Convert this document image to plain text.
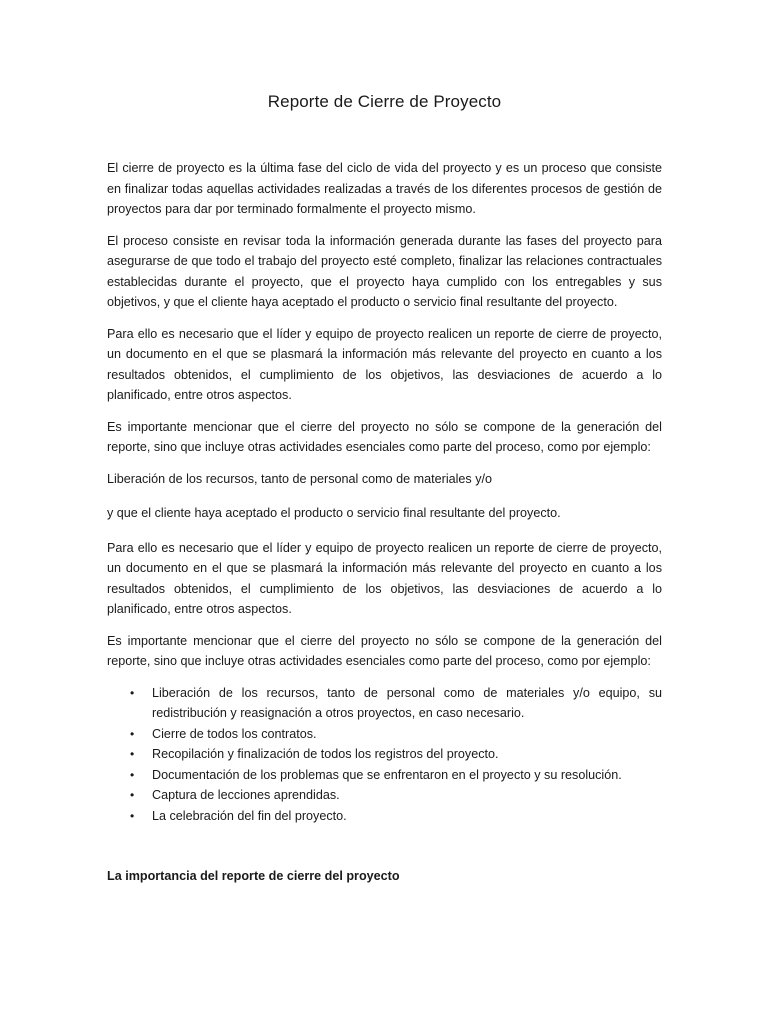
Reporte de Cierre de Proyecto

El cierre de proyecto es la última fase del ciclo de vida del proyecto y es un proceso que consiste en finalizar todas aquellas actividades realizadas a través de los diferentes procesos de gestión de proyectos para dar por terminado formalmente el proyecto mismo.

El proceso consiste en revisar toda la información generada durante las fases del proyecto para asegurarse de que todo el trabajo del proyecto esté completo, finalizar las relaciones contractuales establecidas durante el proyecto, que el proyecto haya cumplido con los entregables y sus objetivos, y que el cliente haya aceptado el producto o servicio final resultante del proyecto.

Para ello es necesario que el líder y equipo de proyecto realicen un reporte de cierre de proyecto, un documento en el que se plasmará la información más relevante del proyecto en cuanto a los resultados obtenidos, el cumplimiento de los objetivos, las desviaciones de acuerdo a lo planificado, entre otros aspectos.

Es importante mencionar que el cierre del proyecto no sólo se compone de la generación del reporte, sino que incluye otras actividades esenciales como parte del proceso, como por ejemplo:

Liberación de los recursos, tanto de personal como de materiales y/o

y que el cliente haya aceptado el producto o servicio final resultante del proyecto.

Para ello es necesario que el líder y equipo de proyecto realicen un reporte de cierre de proyecto, un documento en el que se plasmará la información más relevante del proyecto en cuanto a los resultados obtenidos, el cumplimiento de los objetivos, las desviaciones de acuerdo a lo planificado, entre otros aspectos.

Es importante mencionar que el cierre del proyecto no sólo se compone de la generación del reporte, sino que incluye otras actividades esenciales como parte del proceso, como por ejemplo:

• Liberación de los recursos, tanto de personal como de materiales y/o equipo, su redistribución y reasignación a otros proyectos, en caso necesario.
• Cierre de todos los contratos.
• Recopilación y finalización de todos los registros del proyecto.
• Documentación de los problemas que se enfrentaron en el proyecto y su resolución.
• Captura de lecciones aprendidas.
• La celebración del fin del proyecto.

La importancia del reporte de cierre del proyecto
